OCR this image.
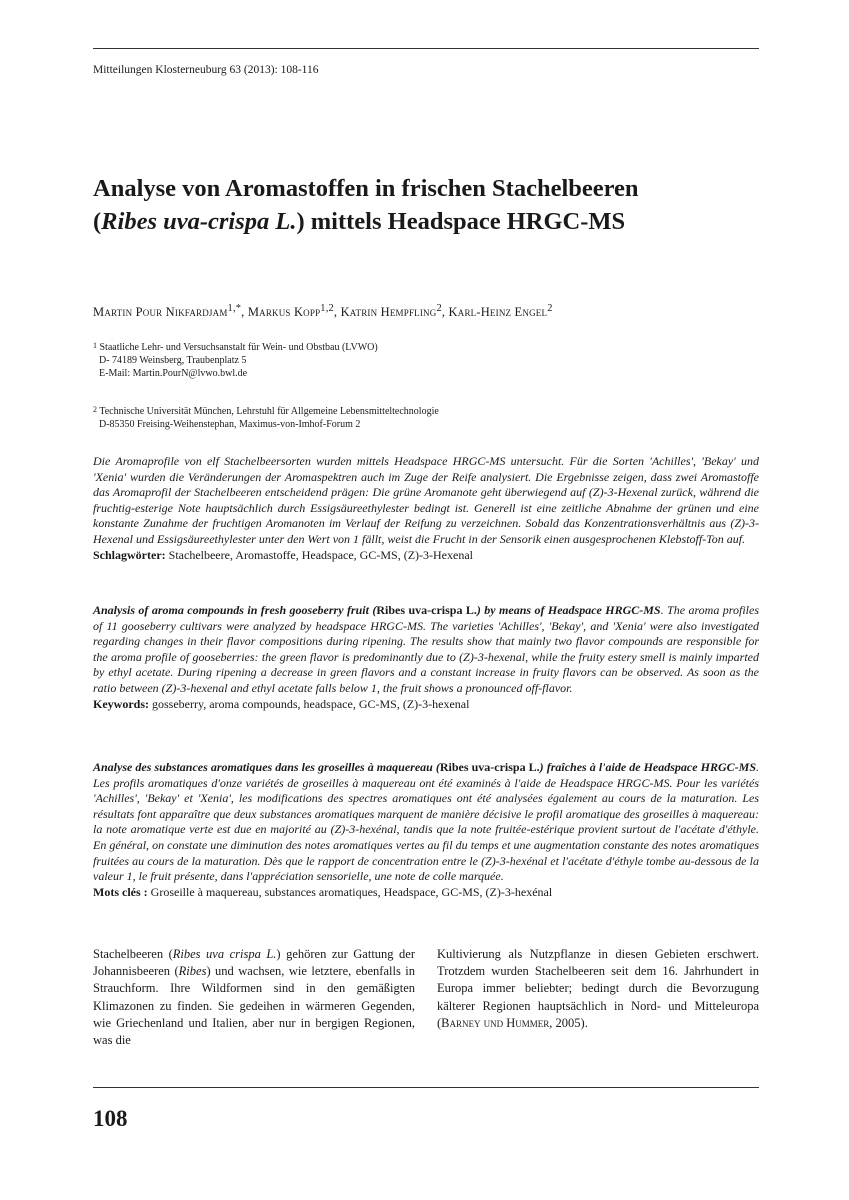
Mitteilungen Klosterneuburg 63 (2013): 108-116
Analyse von Aromastoffen in frischen Stachelbeeren
(Ribes uva-crispa L.) mittels Headspace HRGC-MS
Martin Pour Nikfardjam$^{1,*}$, Markus Kopp$^{1,2}$, Katrin Hempfling$^2$, Karl-Heinz Engel$^2$
$^1$ Staatliche Lehr- und Versuchsanstalt für Wein- und Obstbau (LVWO)
D- 74189 Weinsberg, Traubenplatz 5
E-Mail: Martin.PourN@lvwo.bwl.de
$^2$ Technische Universität München, Lehrstuhl für Allgemeine Lebensmitteltechnologie
D-85350 Freising-Weihenstephan, Maximus-von-Imhof-Forum 2
Die Aromaprofile von elf Stachelbeersorten wurden mittels Headspace HRGC-MS untersucht. Für die Sorten 'Achilles', 'Bekay' und 'Xenia' wurden die Veränderungen der Aromaspektren auch im Zuge der Reife analysiert. Die Ergebnisse zeigen, dass zwei Aromastoffe das Aromaprofil der Stachelbeeren entscheidend prägen: Die grüne Aromanote geht überwiegend auf (Z)-3-Hexenal zurück, während die fruchtig-esterige Note hauptsächlich durch Essigsäureethylester bedingt ist. Generell ist eine zeitliche Abnahme der grünen und eine konstante Zunahme der fruchtigen Aromanoten im Verlauf der Reifung zu verzeichnen. Sobald das Konzentrationsverhältnis aus (Z)-3-Hexenal und Essigsäureethylester unter den Wert von 1 fällt, weist die Frucht in der Sensorik einen ausgesprochenen Klebstoff-Ton auf.
Schlagwörter: Stachelbeere, Aromastoffe, Headspace, GC-MS, (Z)-3-Hexenal
Analysis of aroma compounds in fresh gooseberry fruit (Ribes uva-crispa L.) by means of Headspace HRGC-MS. The aroma profiles of 11 gooseberry cultivars were analyzed by headspace HRGC-MS. The varieties 'Achilles', 'Bekay', and 'Xenia' were also investigated regarding changes in their flavor compositions during ripening. The results show that mainly two flavor compounds are responsible for the aroma profile of gooseberries: the green flavor is predominantly due to (Z)-3-hexenal, while the fruity estery smell is mainly imparted by ethyl acetate. During ripening a decrease in green flavors and a constant increase in fruity flavors can be observed. As soon as the ratio between (Z)-3-hexenal and ethyl acetate falls below 1, the fruit shows a pronounced off-flavor.
Keywords: gosseberry, aroma compounds, headspace, GC-MS, (Z)-3-hexenal
Analyse des substances aromatiques dans les groseilles à maquereau (Ribes uva-crispa L.) fraîches à l'aide de Headspace HRGC-MS. Les profils aromatiques d'onze variétés de groseilles à maquereau ont été examinés à l'aide de Headspace HRGC-MS. Pour les variétés 'Achilles', 'Bekay' et 'Xenia', les modifications des spectres aromatiques ont été analysées également au cours de la maturation. Les résultats font apparaître que deux substances aromatiques marquent de manière décisive le profil aromatique des groseilles à maquereau: la note aromatique verte est due en majorité au (Z)-3-hexénal, tandis que la note fruitée-estérique provient surtout de l'acétate d'éthyle. En général, on constate une diminution des notes aromatiques vertes au fil du temps et une augmentation constante des notes aromatiques fruitées au cours de la maturation. Dès que le rapport de concentration entre le (Z)-3-hexénal et l'acétate d'éthyle tombe au-dessous de la valeur 1, le fruit présente, dans l'appréciation sensorielle, une note de colle marquée.
Mots clés : Groseille à maquereau, substances aromatiques, Headspace, GC-MS, (Z)-3-hexénal
Stachelbeeren (Ribes uva crispa L.) gehören zur Gattung der Johannisbeeren (Ribes) und wachsen, wie letztere, ebenfalls in Strauchform. Ihre Wildformen sind in den gemäßigten Klimazonen zu finden. Sie gedeihen in wärmeren Gegenden, wie Griechenland und Italien, aber nur in bergigen Regionen, was die
Kultivierung als Nutzpflanze in diesen Gebieten erschwert. Trotzdem wurden Stachelbeeren seit dem 16. Jahrhundert in Europa immer beliebter; bedingt durch die Bevorzugung kälterer Regionen hauptsächlich in Nord- und Mitteleuropa (Barney und Hummer, 2005).
108
